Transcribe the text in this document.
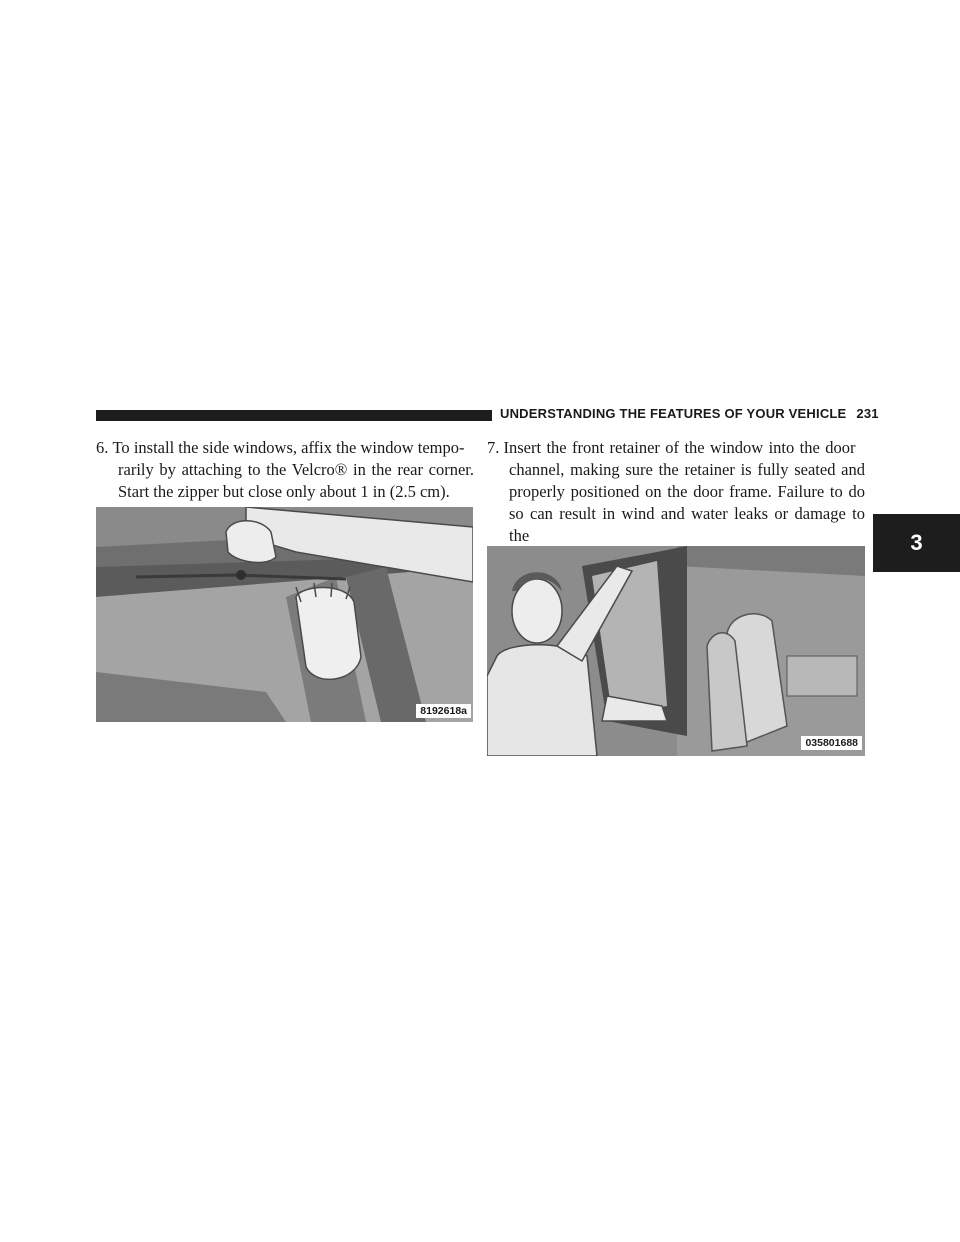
UNDERSTANDING THE FEATURES OF YOUR VEHICLE 231
3
6. To install the side windows, affix the window tempo-
rarily by attaching to the Velcro® in the rear corner.
Start the zipper but close only about 1 in (2.5 cm).
7. Insert the front retainer of the window into the door
channel, making sure the retainer is fully seated and
properly positioned on the door frame. Failure to do
so can result in wind and water leaks or damage to the
8192618a
035801688
